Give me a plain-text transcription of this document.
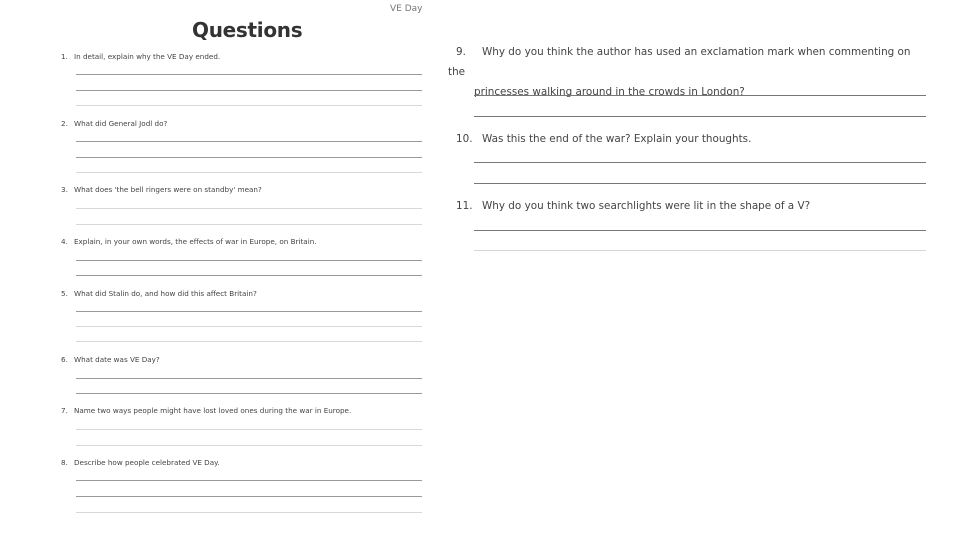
VE Day
Questions
1. In detail, explain why the VE Day ended.
2. What did General Jodl do?
3. What does 'the bell ringers were on standby' mean?
4. Explain, in your own words, the effects of war in Europe, on Britain.
5. What did Stalin do, and how did this affect Britain?
6. What date was VE Day?
7. Name two ways people might have lost loved ones during the war in Europe.
8. Describe how people celebrated VE Day.
9. Why do you think the author has used an exclamation mark when commenting on the
princesses walking around in the crowds in London?
10. Was this the end of the war? Explain your thoughts.
11. Why do you think two searchlights were lit in the shape of a V?
